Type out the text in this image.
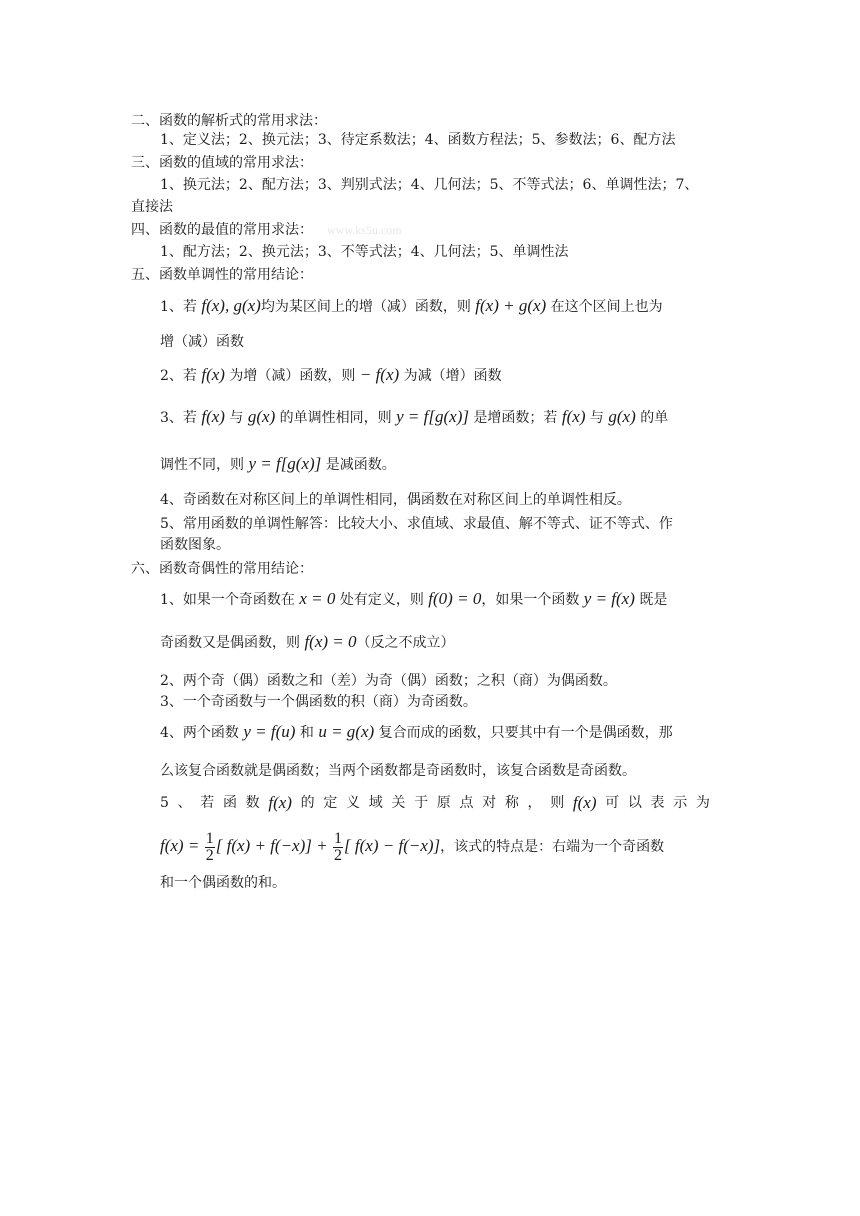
www.ks5u.com
二、函数的解析式的常用求法：
1、定义法；2、换元法；3、待定系数法；4、函数方程法；5、参数法；6、配方法
三、函数的值域的常用求法：
1、换元法；2、配方法；3、判别式法；4、几何法；5、不等式法；6、单调性法；7、
直接法
四、函数的最值的常用求法：
1、配方法；2、换元法；3、不等式法；4、几何法；5、单调性法
五、函数单调性的常用结论：
1、若 f(x), g(x)均为某区间上的增（减）函数，则 f(x) + g(x) 在这个区间上也为
增（减）函数
2、若 f(x) 为增（减）函数，则 − f(x) 为减（增）函数
3、若 f(x) 与 g(x) 的单调性相同，则 y = f[g(x)] 是增函数；若 f(x) 与 g(x) 的单
调性不同，则 y = f[g(x)] 是减函数。
4、奇函数在对称区间上的单调性相同，偶函数在对称区间上的单调性相反。
5、常用函数的单调性解答：比较大小、求值域、求最值、解不等式、证不等式、作
函数图象。
六、函数奇偶性的常用结论：
1、如果一个奇函数在 x = 0 处有定义，则 f(0) = 0，如果一个函数 y = f(x) 既是
奇函数又是偶函数，则 f(x) = 0（反之不成立）
2、两个奇（偶）函数之和（差）为奇（偶）函数；之积（商）为偶函数。
3、一个奇函数与一个偶函数的积（商）为奇函数。
4、两个函数 y = f(u) 和 u = g(x) 复合而成的函数，只要其中有一个是偶函数，那
么该复合函数就是偶函数；当两个函数都是奇函数时，该复合函数是奇函数。
5 、 若 函 数 f(x) 的 定 义 域 关 于 原 点 对 称 ， 则 f(x) 可 以 表 示 为
$f(x) = \frac{1}{2}$ [ $f(x) + f(-x)] + \frac{1}{2}$ [ f(x) − f(−x)]，该式的特点是：右端为一个奇函数
和一个偶函数的和。
